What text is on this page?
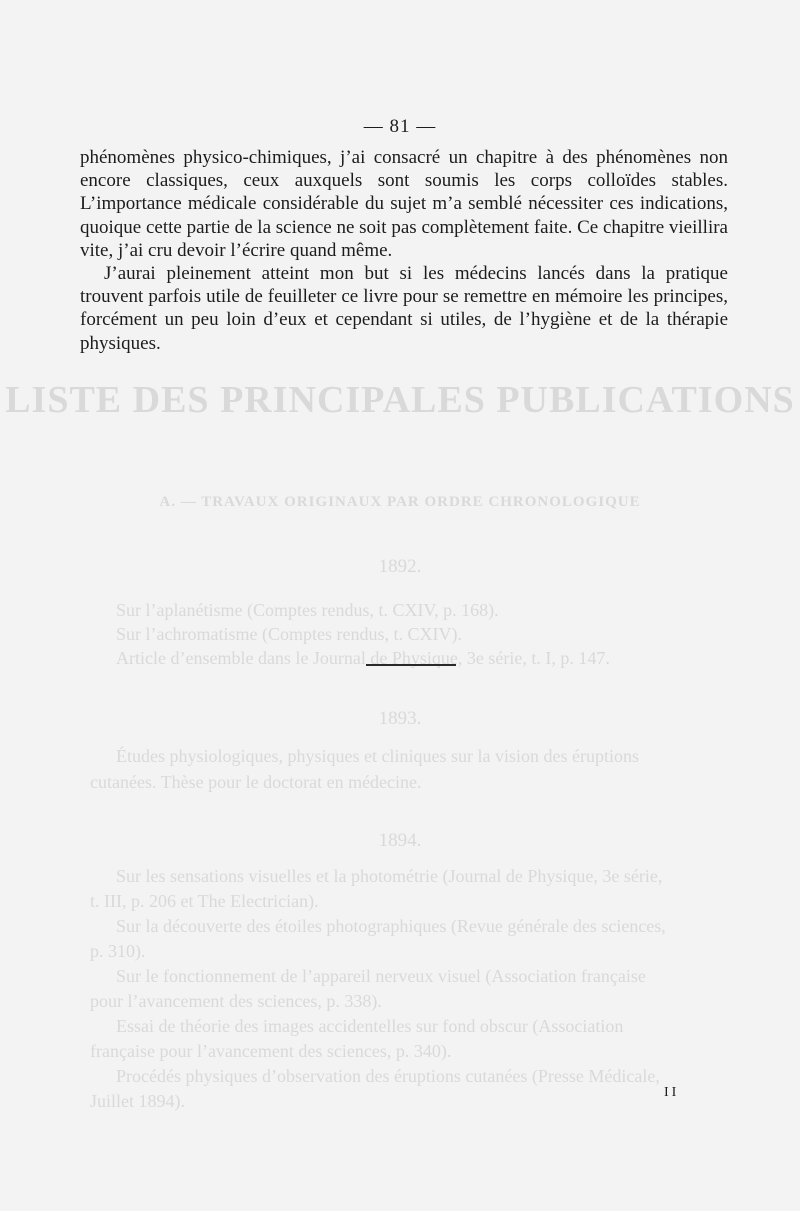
LISTE DES PRINCIPALES PUBLICATIONS
A. — TRAVAUX ORIGINAUX PAR ORDRE CHRONOLOGIQUE
1892.
Sur l’aplanétisme (Comptes rendus, t. CXIV, p. 168).
Sur l’achromatisme (Comptes rendus, t. CXIV).
Article d’ensemble dans le Journal de Physique, 3e série, t. I, p. 147.
1893.
Études physiologiques, physiques et cliniques sur la vision des éruptions
cutanées. Thèse pour le doctorat en médecine.
1894.
Sur les sensations visuelles et la photométrie (Journal de Physique, 3e série,
t. III, p. 206 et The Electrician).
Sur la découverte des étoiles photographiques (Revue générale des sciences,
p. 310).
Sur le fonctionnement de l’appareil nerveux visuel (Association française
pour l’avancement des sciences, p. 338).
Essai de théorie des images accidentelles sur fond obscur (Association
française pour l’avancement des sciences, p. 340).
Procédés physiques d’observation des éruptions cutanées (Presse Médicale,
Juillet 1894).
— 81 —

phénomènes physico-chimiques, j’ai consacré un chapitre à des phénomènes non encore classiques, ceux auxquels sont soumis les corps colloïdes stables. L’importance médicale considérable du sujet m’a semblé nécessiter ces indications, quoique cette partie de la science ne soit pas complètement faite. Ce chapitre vieillira vite, j’ai cru devoir l’écrire quand même.

J’aurai pleinement atteint mon but si les médecins lancés dans la pratique trouvent parfois utile de feuilleter ce livre pour se remettre en mémoire les principes, forcément un peu loin d’eux et cependant si utiles, de l’hygiène et de la thérapie physiques.

II
